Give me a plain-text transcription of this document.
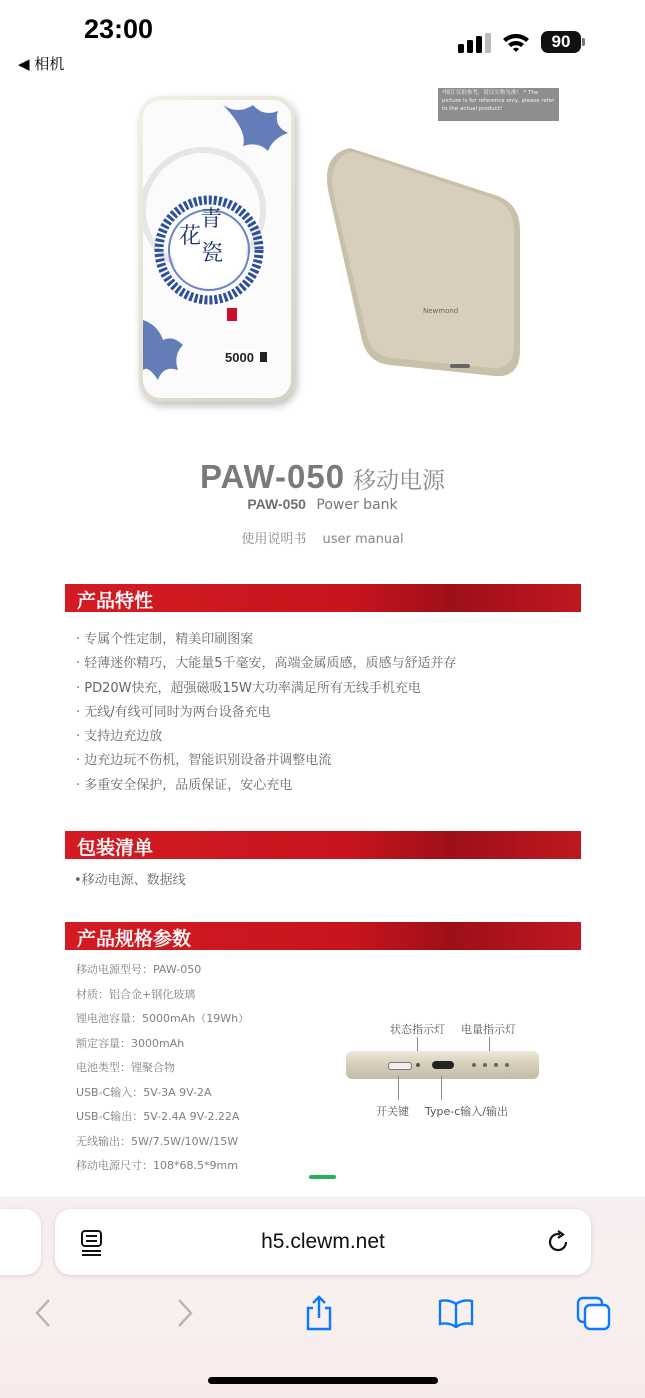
23:00
◀ 相机
90
青
花
瓷
5000
Newmond
*图片仅供参考，请以实物为准！ * The picture is for reference only, please refer to the actual product!
PAW-050 移动电源
PAW-050 Power bank
使用说明书 user manual
产品特性
· 专属个性定制，精美印刷图案
· 轻薄迷你精巧，大能量5千毫安，高端金属质感，质感与舒适并存
· PD20W快充，超强磁吸15W大功率满足所有无线手机充电
· 无线/有线可同时为两台设备充电
· 支持边充边放
· 边充边玩不伤机，智能识别设备并调整电流
· 多重安全保护，品质保证，安心充电
包装清单
•移动电源、数据线
产品规格参数
移动电源型号：PAW-050
材质：铝合金+钢化玻璃
锂电池容量：5000mAh（19Wh）
额定容量：3000mAh
电池类型：锂聚合物
USB-C输入：5V-3A 9V-2A
USB-C输出：5V-2.4A 9V-2.22A
无线输出：5W/7.5W/10W/15W
移动电源尺寸：108*68.5*9mm
状态指示灯 电量指示灯
开关键 Type-c输入/输出
h5.clewm.net
